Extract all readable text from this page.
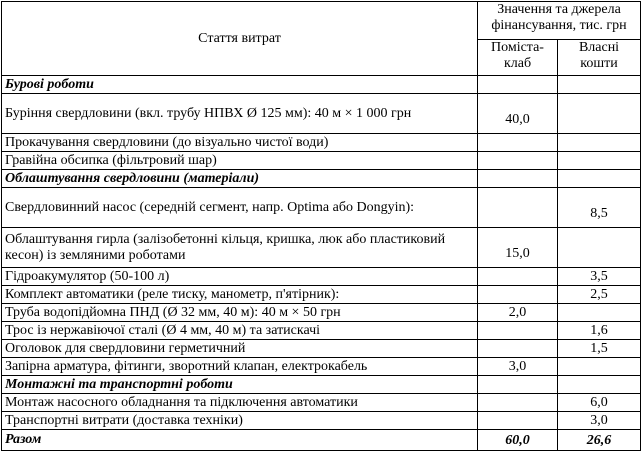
Стаття витрат	Значення та джерела фінансування, тис. грн	
	Поміста-клаб	Власні кошти
Бурові роботи		
Буріння свердловини (вкл. трубу НПВХ Ø 125 мм): 40 м × 1 000 грн	40,0	
Прокачування свердловини (до візуально чистої води)		
Гравійна обсипка (фільтровий шар)		
Облаштування свердловини (матеріали)		
Свердловинний насос (середній сегмент, напр. Optima або Dongyin):		8,5
Облаштування гирла (залізобетонні кільця, кришка, люк або пластиковий кесон) із земляними роботами	15,0	
Гідроакумулятор (50-100 л)		3,5
Комплект автоматики (реле тиску, манометр, п'ятірник):		2,5
Труба водопідйомна ПНД (Ø 32 мм, 40 м): 40 м × 50 грн	2,0	
Трос із нержавіючої сталі (Ø 4 мм, 40 м) та затискачі		1,6
Оголовок для свердловини герметичний		1,5
Запірна арматура, фітинги, зворотний клапан, електрокабель	3,0	
Монтажні та транспортні роботи		
Монтаж насосного обладнання та підключення автоматики		6,0
Транспортні витрати (доставка техніки)		3,0
Разом	60,0	26,6
